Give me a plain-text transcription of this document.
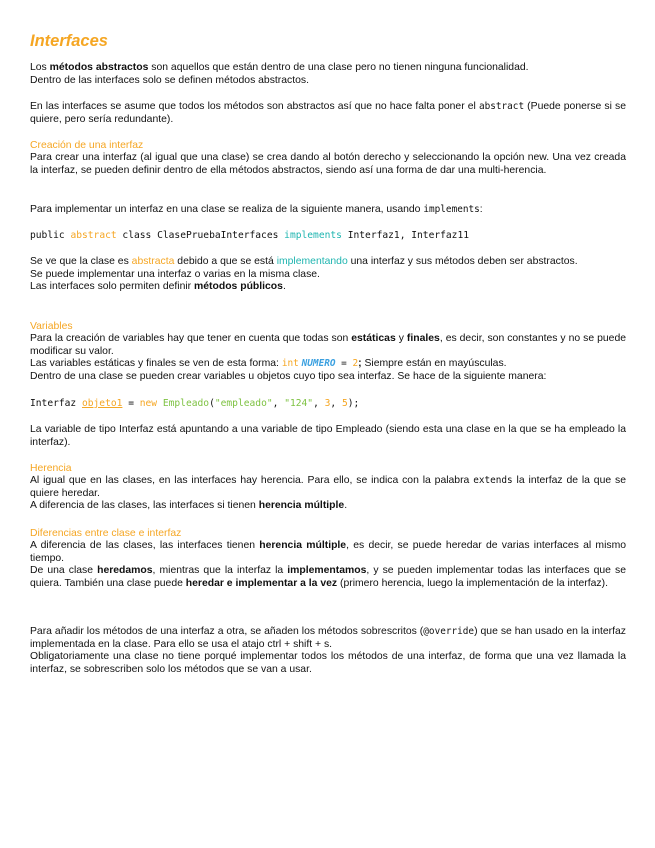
Interfaces
Los métodos abstractos son aquellos que están dentro de una clase pero no tienen ninguna funcionalidad.
Dentro de las interfaces solo se definen métodos abstractos.
En las interfaces se asume que todos los métodos son abstractos así que no hace falta poner el abstract (Puede ponerse si se quiere, pero sería redundante).
Creación de una interfaz
Para crear una interfaz (al igual que una clase) se crea dando al botón derecho y seleccionando la opción new. Una vez creada la interfaz, se pueden definir dentro de ella métodos abstractos, siendo así una forma de dar una multi-herencia.
Para implementar un interfaz en una clase se realiza de la siguiente manera, usando implements:
public abstract class ClasePruebaInterfaces implements Interfaz1, Interfaz11
Se ve que la clase es abstracta debido a que se está implementando una interfaz y sus métodos deben ser abstractos.
Se puede implementar una interfaz o varias en la misma clase.
Las interfaces solo permiten definir métodos públicos.
Variables
Para la creación de variables hay que tener en cuenta que todas son estáticas y finales, es decir, son constantes y no se puede modificar su valor.
Las variables estáticas y finales se ven de esta forma: int NUMERO = 2; Siempre están en mayúsculas.
Dentro de una clase se pueden crear variables u objetos cuyo tipo sea interfaz. Se hace de la siguiente manera:
Interfaz objeto1 = new Empleado("empleado", "124", 3, 5);
La variable de tipo Interfaz está apuntando a una variable de tipo Empleado (siendo esta una clase en la que se ha empleado la interfaz).
Herencia
Al igual que en las clases, en las interfaces hay herencia. Para ello, se indica con la palabra extends la interfaz de la que se quiere heredar.
A diferencia de las clases, las interfaces si tienen herencia múltiple.
Diferencias entre clase e interfaz
A diferencia de las clases, las interfaces tienen herencia múltiple, es decir, se puede heredar de varias interfaces al mismo tiempo.
De una clase heredamos, mientras que la interfaz la implementamos, y se pueden implementar todas las interfaces que se quiera. También una clase puede heredar e implementar a la vez (primero herencia, luego la implementación de la interfaz).
Para añadir los métodos de una interfaz a otra, se añaden los métodos sobrescritos (@override) que se han usado en la interfaz implementada en la clase. Para ello se usa el atajo ctrl + shift + s.
Obligatoriamente una clase no tiene porqué implementar todos los métodos de una interfaz, de forma que una vez llamada la interfaz, se sobrescriben solo los métodos que se van a usar.
